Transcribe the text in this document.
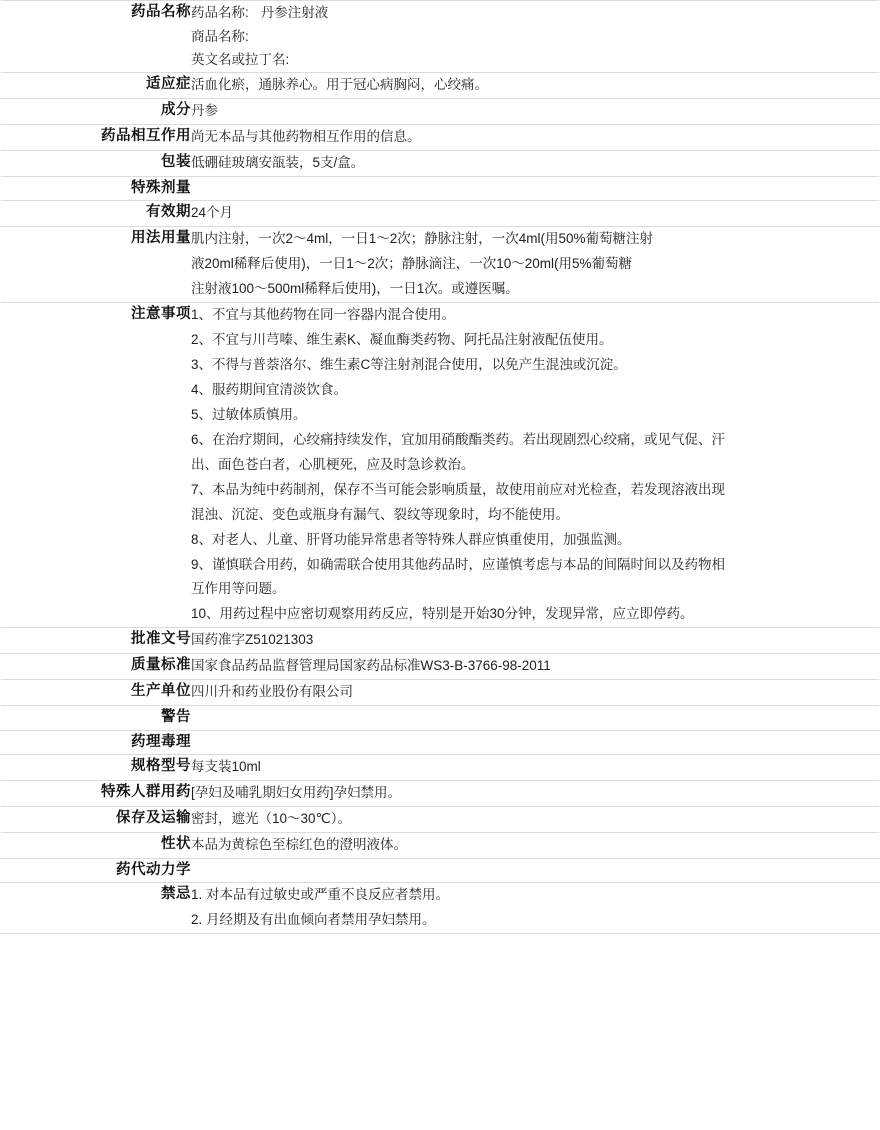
药品名称	药品名称: 丹参注射液
商品名称:
英文名或拉丁名:

适应症	活血化瘀，通脉养心。用于冠心病胸闷，心绞痛。
成分	丹参
药品相互作用	尚无本品与其他药物相互作用的信息。
包装	低硼硅玻璃安瓿装，5支/盒。
特殊剂量	
有效期	24个月
用法用量	肌内注射，一次2～4ml，一日1～2次；静脉注射，一次4ml(用50%葡萄糖注射
液20ml稀释后使用)，一日1～2次；静脉滴注，一次10～20ml(用5%葡萄糖
注射液100～500ml稀释后使用)，一日1次。或遵医嘱。

注意事项	1、不宜与其他药物在同一容器内混合使用。
2、不宜与川芎嗪、维生素K、凝血酶类药物、阿托品注射液配伍使用。
3、不得与普萘洛尔、维生素C等注射剂混合使用，以免产生混浊或沉淀。
4、服药期间宜清淡饮食。
5、过敏体质慎用。
6、在治疗期间，心绞痛持续发作，宜加用硝酸酯类药。若出现剧烈心绞痛，或见气促、汗
出、面色苍白者，心肌梗死，应及时急诊救治。
7、本品为纯中药制剂，保存不当可能会影响质量，故使用前应对光检查，若发现溶液出现
混浊、沉淀、变色或瓶身有漏气、裂纹等现象时，均不能使用。
8、对老人、儿童、肝肾功能异常患者等特殊人群应慎重使用，加强监测。
9、谨慎联合用药，如确需联合使用其他药品时，应谨慎考虑与本品的间隔时间以及药物相
互作用等问题。
10、用药过程中应密切观察用药反应，特别是开始30分钟，发现异常，应立即停药。

批准文号	国药准字Z51021303
质量标准	国家食品药品监督管理局国家药品标准WS3-B-3766-98-2011
生产单位	四川升和药业股份有限公司
警告	

药理毒理	

规格型号	每支装10ml
特殊人群用药	[孕妇及哺乳期妇女用药]孕妇禁用。
保存及运输	密封，遮光（10～30℃）。
性状	本品为黄棕色至棕红色的澄明液体。
药代动力学	

禁忌	1. 对本品有过敏史或严重不良反应者禁用。
2. 月经期及有出血倾向者禁用孕妇禁用。
